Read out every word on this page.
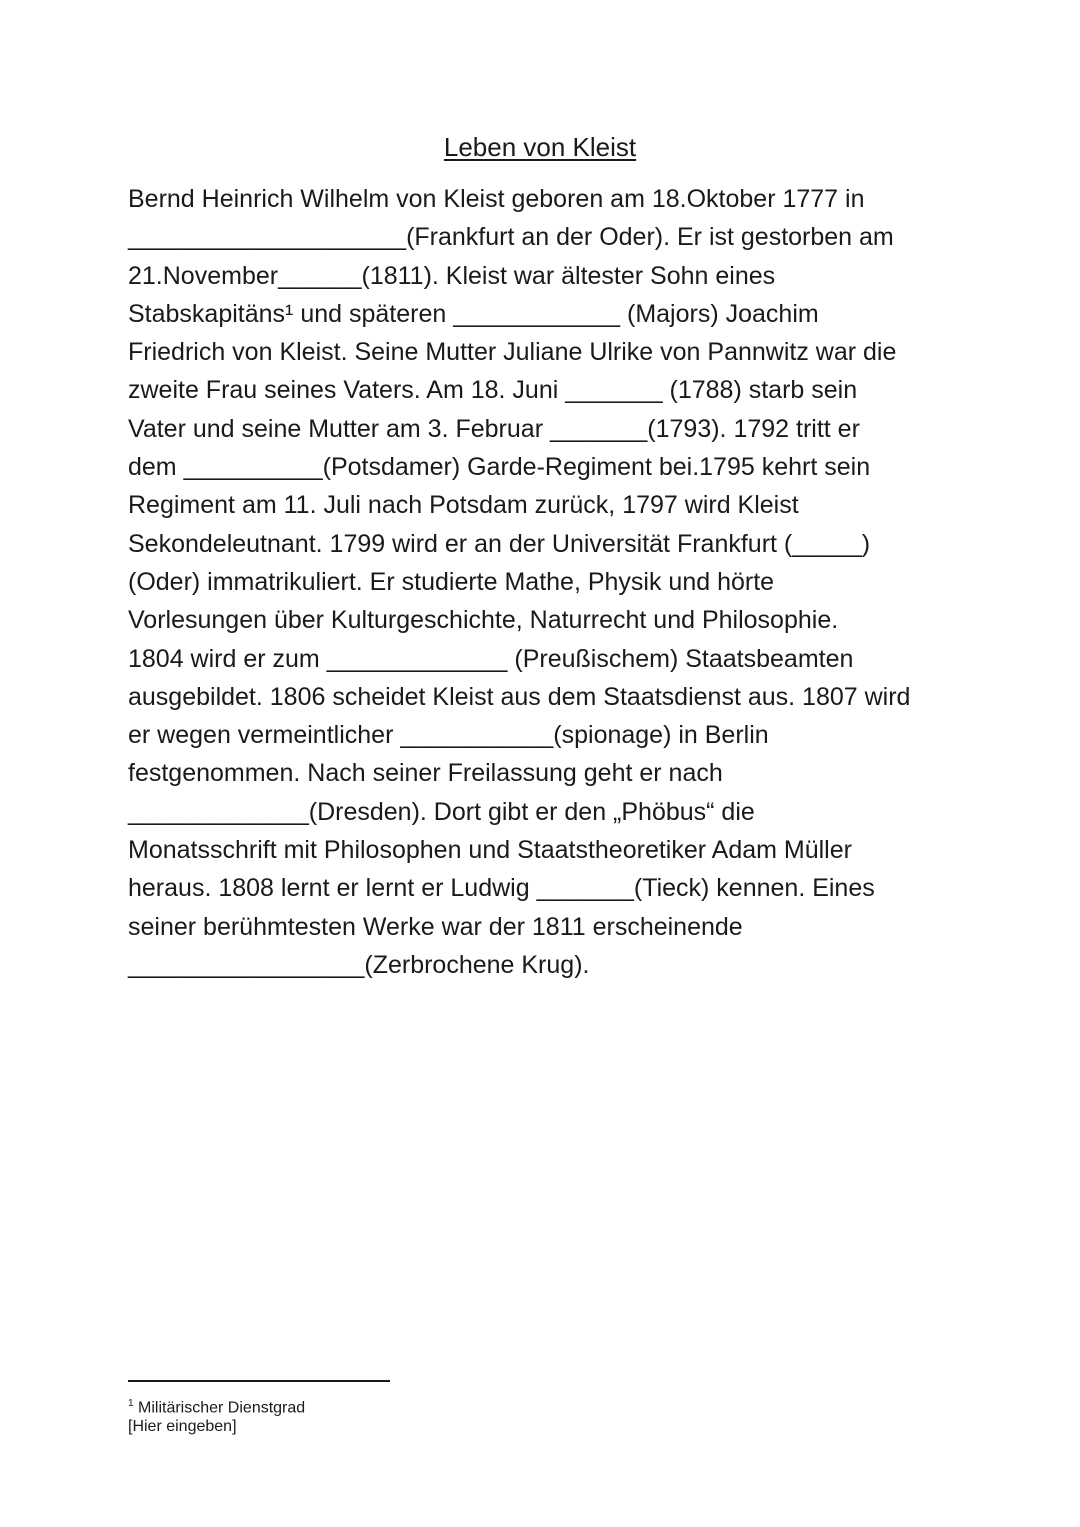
Leben von Kleist
Bernd Heinrich Wilhelm von Kleist geboren am 18.Oktober 1777 in
____________________(Frankfurt an der Oder). Er ist gestorben am
21.November______(1811). Kleist war ältester Sohn eines
Stabskapitäns¹ und späteren ____________ (Majors) Joachim
Friedrich von Kleist. Seine Mutter Juliane Ulrike von Pannwitz war die
zweite Frau seines Vaters. Am 18. Juni _______ (1788) starb sein
Vater und seine Mutter am 3. Februar _______(1793). 1792 tritt er
dem __________(Potsdamer) Garde-Regiment bei.1795 kehrt sein
Regiment am 11. Juli nach Potsdam zurück, 1797 wird Kleist
Sekondeleutnant. 1799 wird er an der Universität Frankfurt (_____)
(Oder) immatrikuliert. Er studierte Mathe, Physik und hörte
Vorlesungen über Kulturgeschichte, Naturrecht und Philosophie.
1804 wird er zum _____________ (Preußischem) Staatsbeamten
ausgebildet. 1806 scheidet Kleist aus dem Staatsdienst aus. 1807 wird
er wegen vermeintlicher ___________(spionage) in Berlin
festgenommen. Nach seiner Freilassung geht er nach
_____________(Dresden). Dort gibt er den „Phöbus“ die
Monatsschrift mit Philosophen und Staatstheoretiker Adam Müller
heraus. 1808 lernt er lernt er Ludwig _______(Tieck) kennen. Eines
seiner berühmtesten Werke war der 1811 erscheinende
_________________(Zerbrochene Krug).
$^1$ Militärischer Dienstgrad
[Hier eingeben]
